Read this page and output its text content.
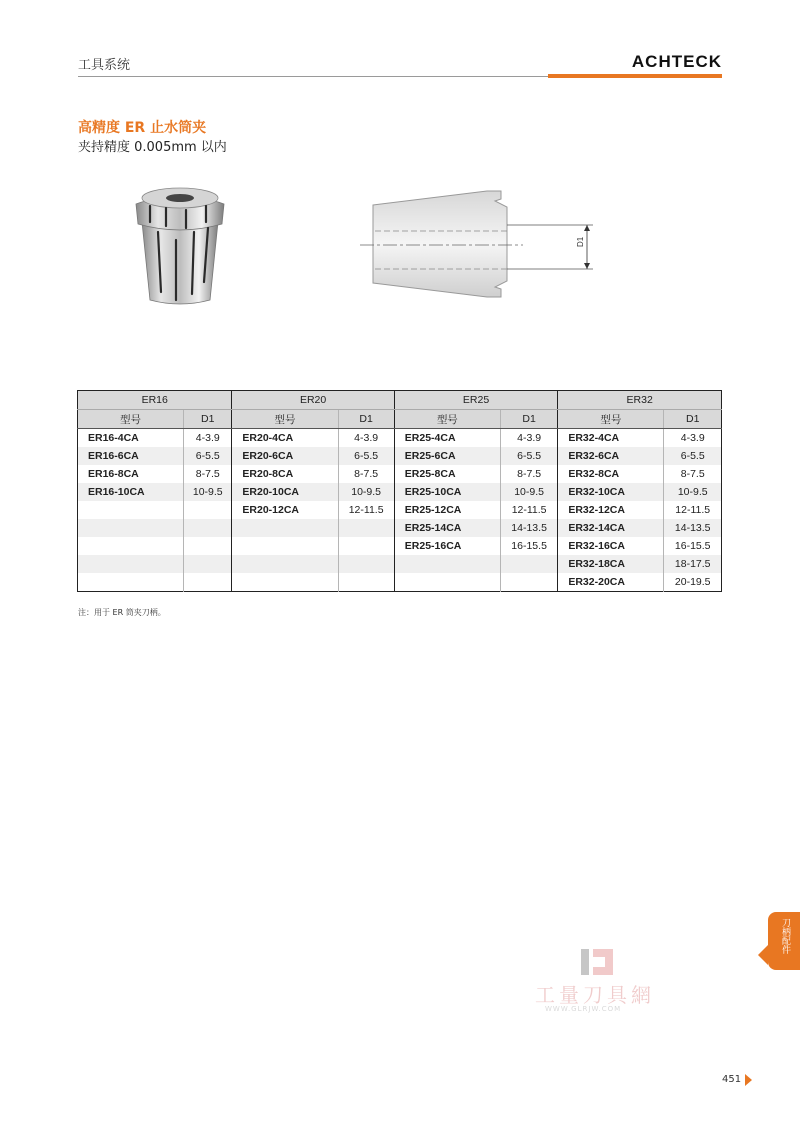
工具系统	ACHTECK
高精度 ER 止水筒夹
夹持精度 0.005mm 以内
D1
ER16		ER20		ER25		ER32	
型号	D1	型号	D1	型号	D1	型号	D1
ER16-4CA	4-3.9	ER20-4CA	4-3.9	ER25-4CA	4-3.9	ER32-4CA	4-3.9
ER16-6CA	6-5.5	ER20-6CA	6-5.5	ER25-6CA	6-5.5	ER32-6CA	6-5.5
ER16-8CA	8-7.5	ER20-8CA	8-7.5	ER25-8CA	8-7.5	ER32-8CA	8-7.5
ER16-10CA	10-9.5	ER20-10CA	10-9.5	ER25-10CA	10-9.5	ER32-10CA	10-9.5
		ER20-12CA	12-11.5	ER25-12CA	12-11.5	ER32-12CA	12-11.5
				ER25-14CA	14-13.5	ER32-14CA	14-13.5
				ER25-16CA	16-15.5	ER32-16CA	16-15.5
						ER32-18CA	18-17.5
						ER32-20CA	20-19.5
注：用于 ER 筒夹刀柄。
刀柄配件
工量刀具網
WWW.GLRJW.COM
451
